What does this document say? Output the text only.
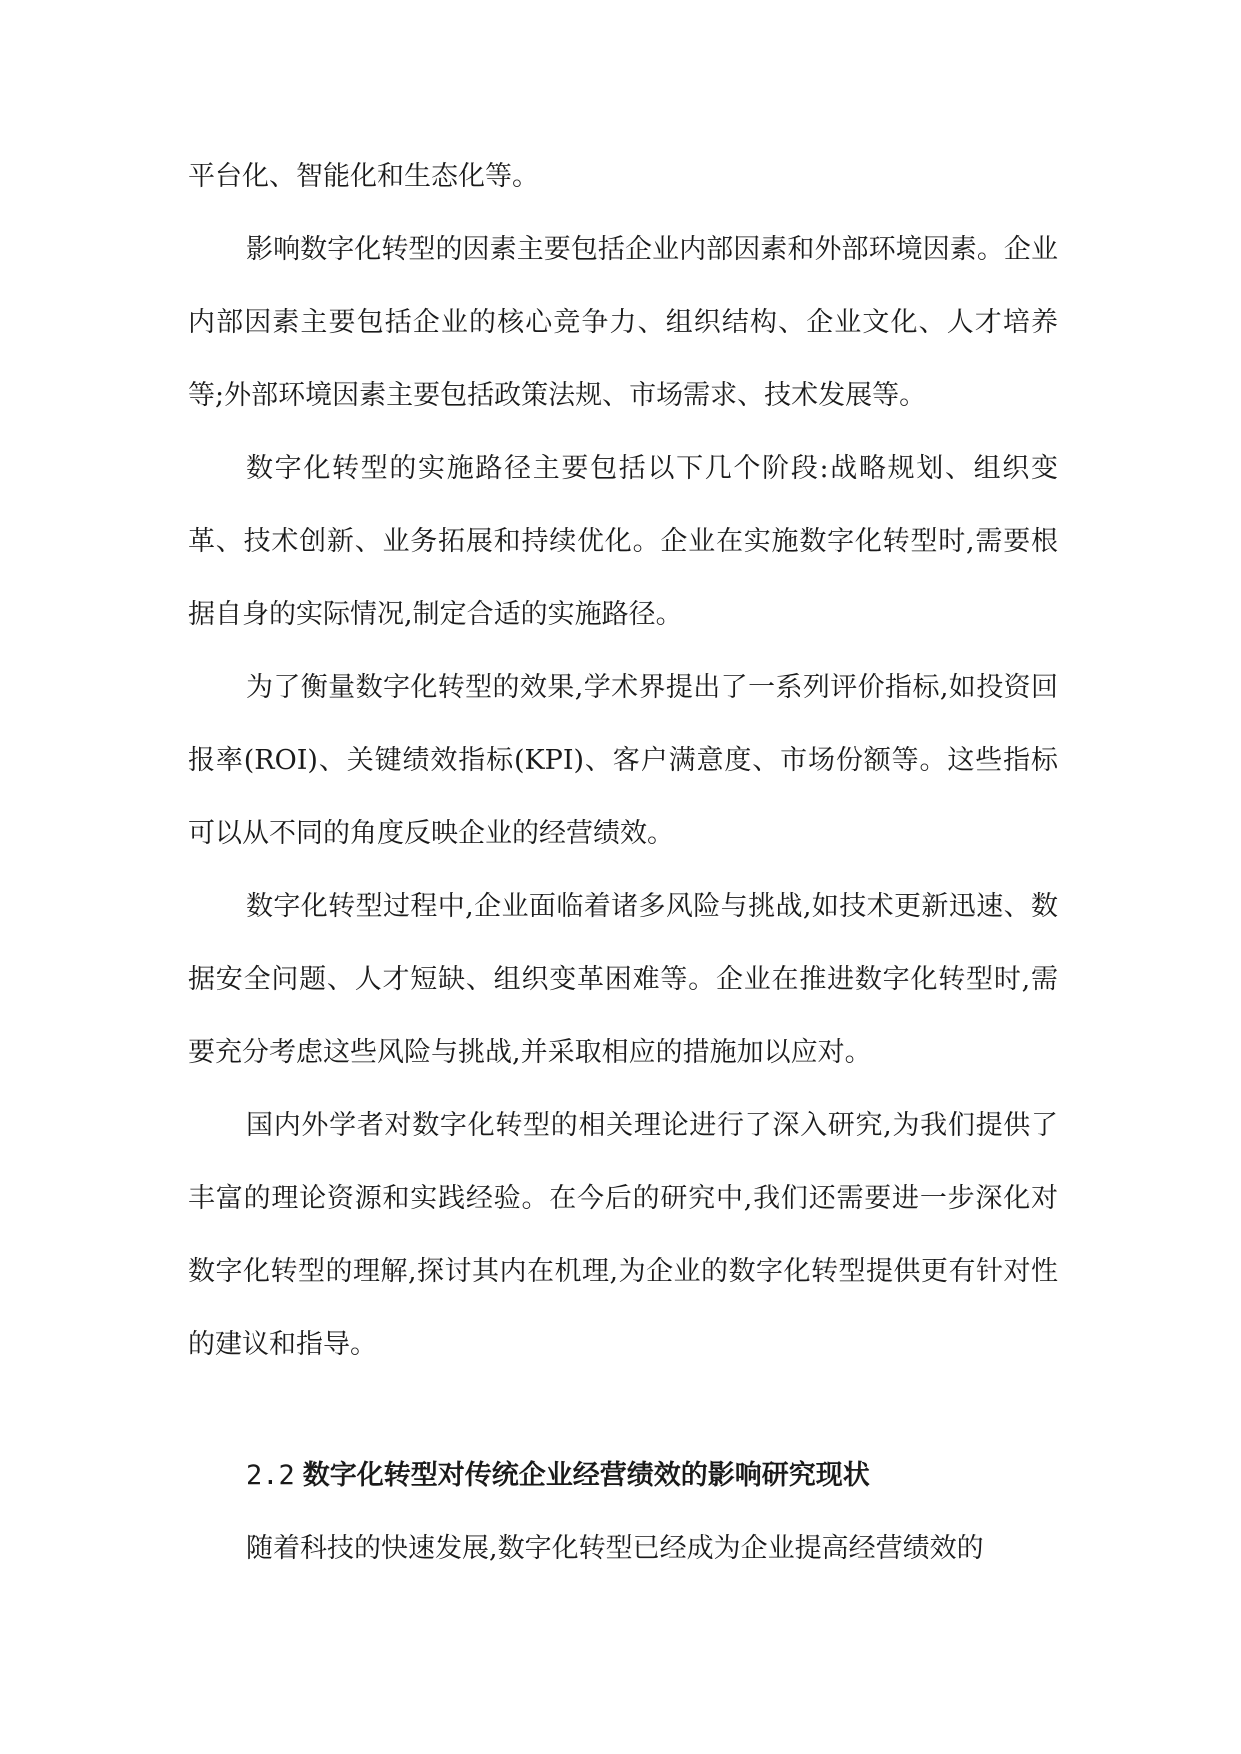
平台化、智能化和生态化等。

影响数字化转型的因素主要包括企业内部因素和外部环境因素。企业内部因素主要包括企业的核心竞争力、组织结构、企业文化、人才培养等;外部环境因素主要包括政策法规、市场需求、技术发展等。

数字化转型的实施路径主要包括以下几个阶段:战略规划、组织变革、技术创新、业务拓展和持续优化。企业在实施数字化转型时,需要根据自身的实际情况,制定合适的实施路径。

为了衡量数字化转型的效果,学术界提出了一系列评价指标,如投资回报率(ROI)、关键绩效指标(KPI)、客户满意度、市场份额等。这些指标可以从不同的角度反映企业的经营绩效。

数字化转型过程中,企业面临着诸多风险与挑战,如技术更新迅速、数据安全问题、人才短缺、组织变革困难等。企业在推进数字化转型时,需要充分考虑这些风险与挑战,并采取相应的措施加以应对。

国内外学者对数字化转型的相关理论进行了深入研究,为我们提供了丰富的理论资源和实践经验。在今后的研究中,我们还需要进一步深化对数字化转型的理解,探讨其内在机理,为企业的数字化转型提供更有针对性的建议和指导。

2.2 数字化转型对传统企业经营绩效的影响研究现状

随着科技的快速发展,数字化转型已经成为企业提高经营绩效的
